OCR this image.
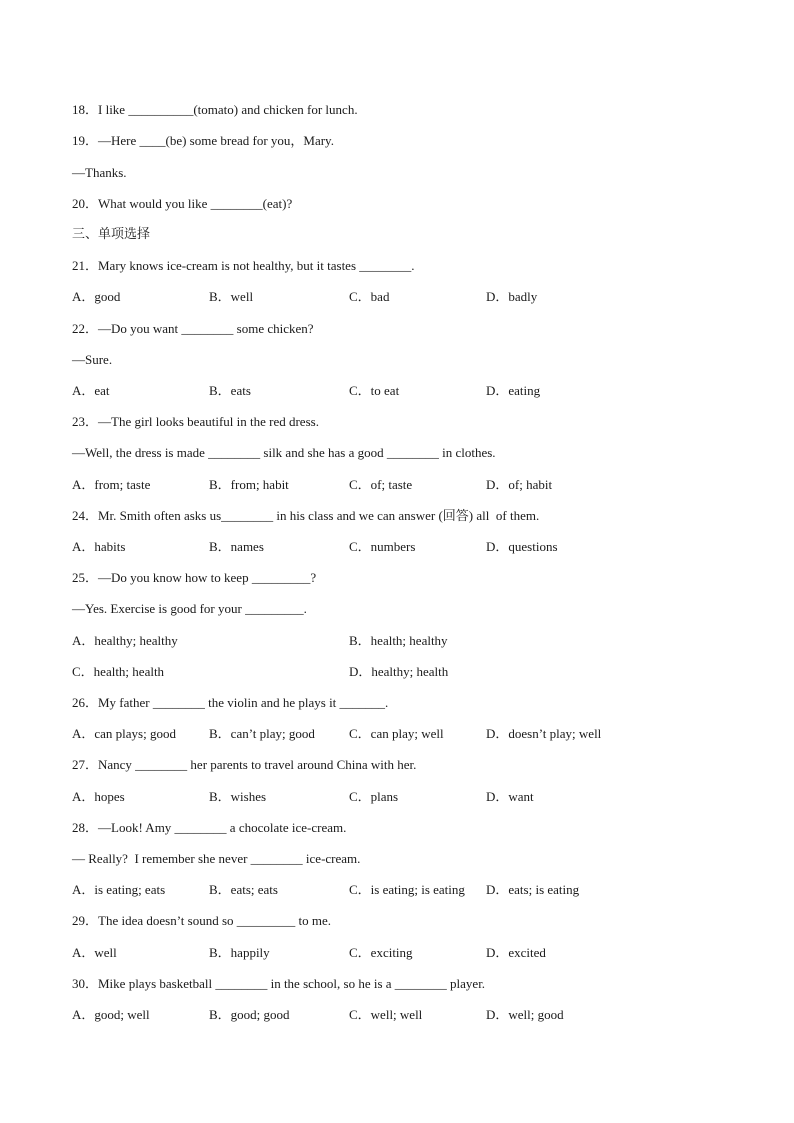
18．I like __________(tomato) and chicken for lunch.
19．—Here ____(be) some bread for you，Mary.
—Thanks.
20．What would you like ________(eat)?
三、单项选择
21．Mary knows ice-cream is not healthy, but it tastes ________.
A．good	B．well	C．bad	D．badly
22．—Do you want ________ some chicken?
—Sure.
A．eat	B．eats	C．to eat	D．eating
23．—The girl looks beautiful in the red dress.
—Well, the dress is made ________ silk and she has a good ________ in clothes.
A．from; taste	B．from; habit	C．of; taste	D．of; habit
24．Mr. Smith often asks us________ in his class and we can answer (回答) all  of them.
A．habits	B．names	C．numbers	D．questions
25．—Do you know how to keep _________?
—Yes. Exercise is good for your _________.
A．healthy; healthy	B．health; healthy
C．health; health	D．healthy; health
26．My father ________ the violin and he plays it _______.
A．can plays; good	B．can’t play; good	C．can play; well	D．doesn’t play; well
27．Nancy ________ her parents to travel around China with her.
A．hopes	B．wishes	C．plans	D．want
28．—Look! Amy ________ a chocolate ice-cream.
— Really?  I remember she never ________ ice-cream.
A．is eating; eats	B．eats; eats	C．is eating; is eating D．eats; is eating
29．The idea doesn’t sound so _________ to me.
A．well	B．happily	C．exciting	D．excited
30．Mike plays basketball ________ in the school, so he is a ________ player.
A．good; well	B．good; good	C．well; well	D．well; good
